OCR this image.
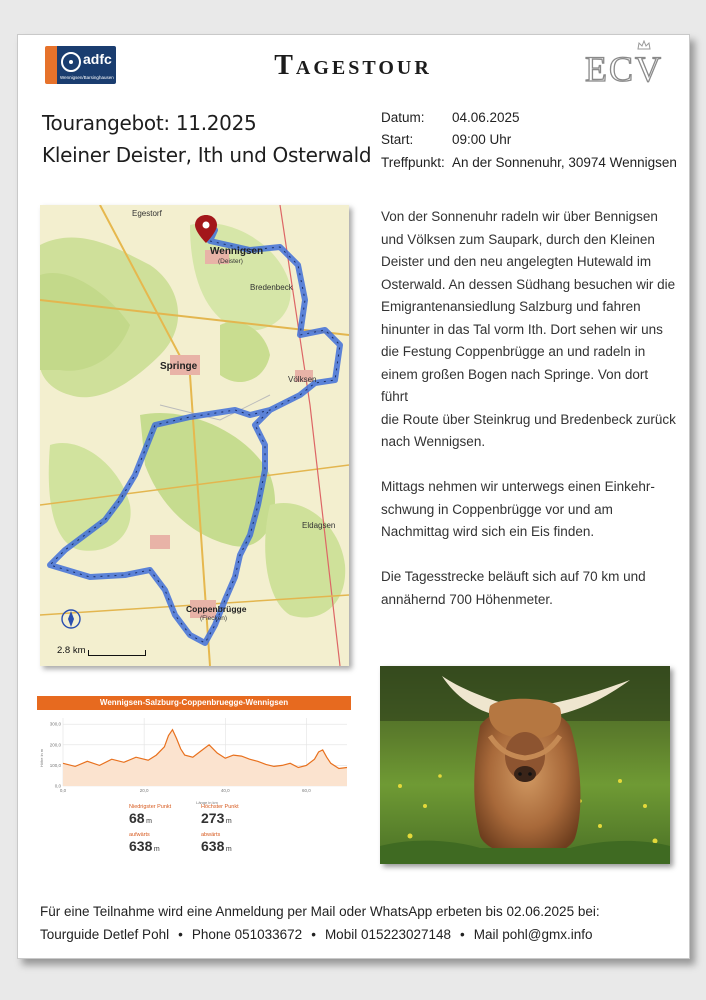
adfc
Wennigsen/Barsinghausen	Tagestour	ECV
Tourangebot: 11.2025
Kleiner Deister, Ith und Osterwald
Datum:	04.06.2025
Start:	09:00 Uhr
Treffpunkt: An der Sonnenuhr, 30974 Wennigsen
Wennigsen
(Deister)
Springe
Coppenbrügge
(Flecken)
Egestorf
Völksen
Bredenbeck
Eldagsen
2.8 km

Von der Sonnenuhr radeln wir über Bennigsen
und Völksen zum Saupark, durch den Kleinen
Deister und den neu angelegten Hutewald im
Osterwald. An dessen Südhang besuchen wir die
Emigrantenansiedlung Salzburg und fahren
hinunter in das Tal vorm Ith. Dort sehen wir uns
die Festung Coppenbrügge an und radeln in
einem großen Bogen nach Springe. Von dort führt
die Route über Steinkrug und Bredenbeck zurück
nach Wennigsen.

Mittags nehmen wir unterwegs einen Einkehr-
schwung in Coppenbrügge vor und am
Nachmittag wird sich ein Eis finden.

Die Tagesstrecke beläuft sich auf 70 km und
annähernd 700 Höhenmeter.

Wennigsen-Salzburg-Coppenbruegge-Wennigsen
300,0
200,0
100,0
0,0
0,0	20,0	40,0	60,0
Höhe in m
Länge in km
Niedrigster Punkt
68 m
aufwärts
638 m
Höchster Punkt
273 m
abwärts
638 m
Für eine Teilnahme wird eine Anmeldung per Mail oder WhatsApp erbeten bis 02.06.2025 bei:
Tourguide Detlef Pohl • Phone 051033672 • Mobil 015223027148 • Mail pohl@gmx.info
